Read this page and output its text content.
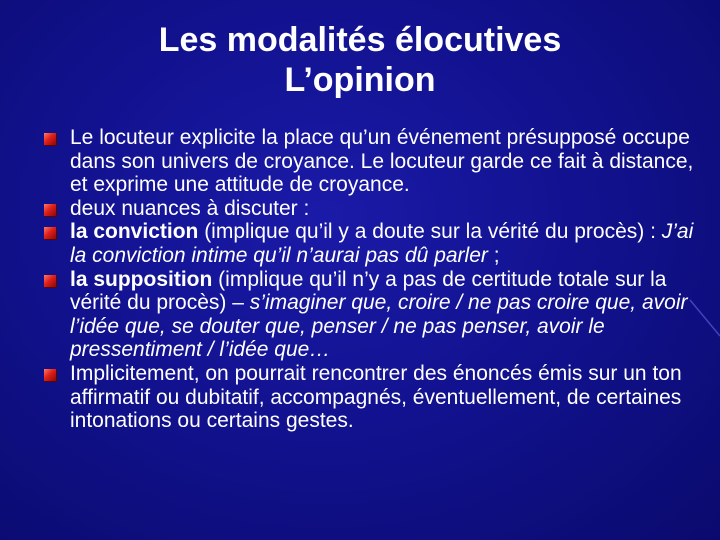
Les modalités élocutives
L’opinion
Le locuteur explicite la place qu’un événement présupposé occupe dans son univers de croyance. Le locuteur garde ce fait à distance, et exprime une attitude de croyance.
deux nuances à discuter :
la conviction (implique qu’il y a doute sur la vérité du procès) : J’ai la conviction intime qu’il n’aurai pas dû parler ;
la supposition (implique qu’il n’y a pas de certitude totale sur la vérité du procès) – s’imaginer que, croire / ne pas croire que, avoir l’idée que, se douter que, penser / ne pas penser, avoir le pressentiment / l’idée que…
Implicitement, on pourrait rencontrer des énoncés émis sur un ton affirmatif ou dubitatif, accompagnés, éventuellement, de certaines intonations ou certains gestes.
